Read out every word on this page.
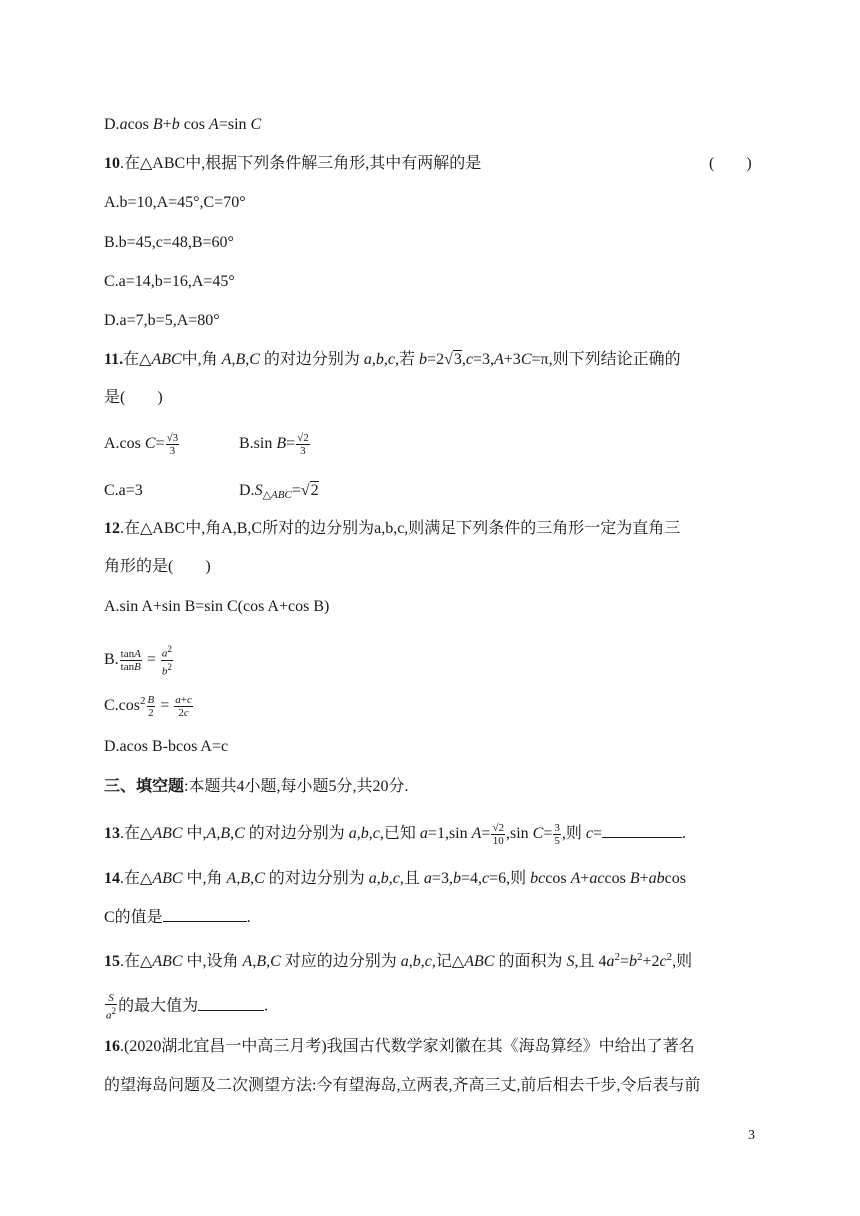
D.acos B+b cos A=sin C
10.在△ABC中,根据下列条件解三角形,其中有两解的是	(　　)
A.b=10,A=45°,C=70°
B.b=45,c=48,B=60°
C.a=14,b=16,A=45°
D.a=7,b=5,A=80°
11.在△ABC中,角 A,B,C 的对边分别为 a,b,c,若 b=2√3,c=3,A+3C=π,则下列结论正确的
是(　　)
A.cos $C= \frac{√3}{3}$	B.sin $B= \frac{√2}{3}$
C.a=3	$D.S_{\triangle ABC}=√2$
12.在△ABC中,角A,B,C所对的边分别为a,b,c,则满足下列条件的三角形一定为直角三
角形的是(　　)
A.sin A+sin B=sin C(cos A+cos B)
B. $\frac{\tan A}{\tan B} = \frac{a^2}{b^2}$
$C.\cos^2 \frac{B}{2} = \frac{a+c}{2c}$
D.acos B-bcos A=c
三、填空题:本题共4小题,每小题5分,共20分.
13.在△ABC 中,A,B,C 的对边分别为 a,b,c,已知 a=1,sin $A= \frac{√2}{10} ,\sin$ $C= \frac{3}{5}$ ,则 c=	.
14.在△ABC 中,角 A,B,C 的对边分别为 a,b,c,且 a=3,b=4,c=6,则 bccos A+accos B+abcos
C的值是	.
15.在△ABC 中,设角 A,B,C 对应的边分别为 a,b,c,记△ABC 的面积为 S,且 $4a^2=b^2+2c^2$,则
$\frac{S}{a^2}$ 的最大值为	.
16.(2020湖北宜昌一中高三月考)我国古代数学家刘徽在其《海岛算经》中给出了著名
的望海岛问题及二次测望方法:今有望海岛,立两表,齐高三丈,前后相去千步,令后表与前
3
